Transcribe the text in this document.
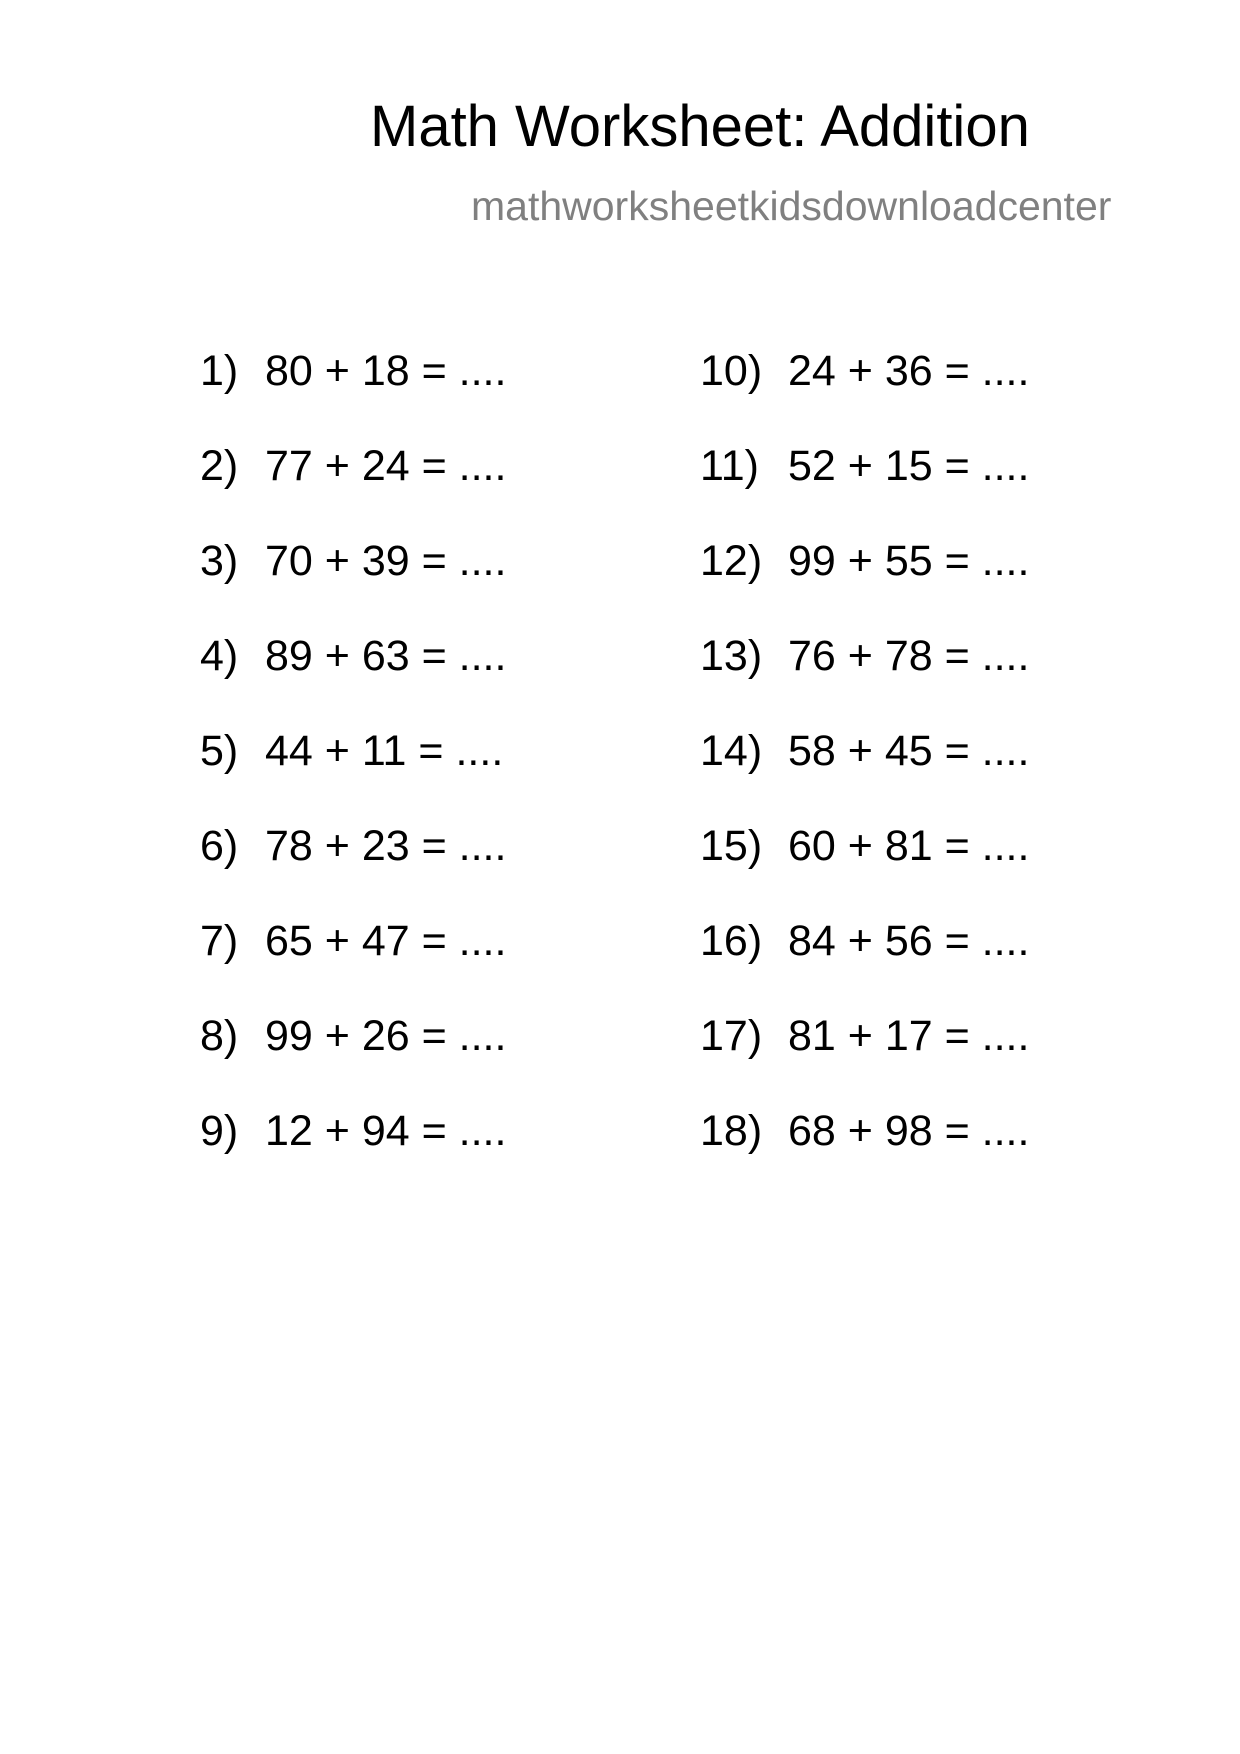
Math Worksheet: Addition
mathworksheetkidsdownloadcenter
1) 80 + 18 = ....
2) 77 + 24 = ....
3) 70 + 39 = ....
4) 89 + 63 = ....
5) 44 + 11 = ....
6) 78 + 23 = ....
7) 65 + 47 = ....
8) 99 + 26 = ....
9) 12 + 94 = ....
10) 24 + 36 = ....
11) 52 + 15 = ....
12) 99 + 55 = ....
13) 76 + 78 = ....
14) 58 + 45 = ....
15) 60 + 81 = ....
16) 84 + 56 = ....
17) 81 + 17 = ....
18) 68 + 98 = ....
